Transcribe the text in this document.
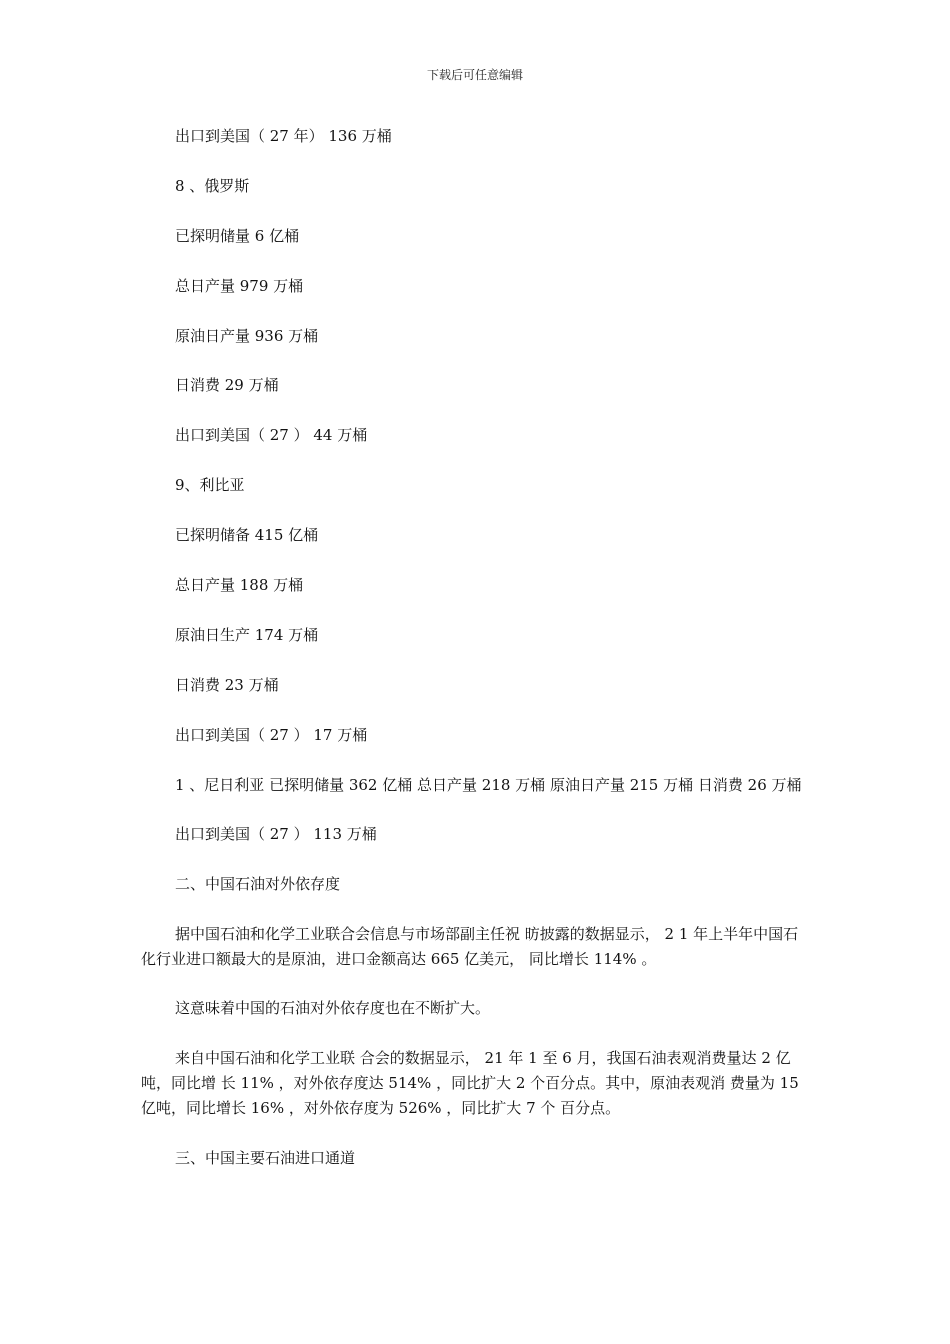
下载后可任意编辑

出口到美国（ 27 年） 136 万桶

8 、俄罗斯

已探明储量 6 亿桶

总日产量 979 万桶

原油日产量 936 万桶

日消费 29 万桶

出口到美国（ 27 ） 44 万桶

9、利比亚

已探明储备 415 亿桶

总日产量 188 万桶

原油日生产 174 万桶

日消费 23 万桶

出口到美国（ 27 ） 17 万桶

1 、尼日利亚 已探明储量 362 亿桶 总日产量 218 万桶 原油日产量 215 万桶 日消费 26 万桶

出口到美国（ 27 ） 113 万桶

二、中国石油对外依存度

据中国石油和化学工业联合会信息与市场部副主任祝 昉披露的数据显示， 2 1 年上半年中国石化行业进口额最大的是原油，进口金额高达 665 亿美元， 同比增长 114% 。

这意味着中国的石油对外依存度也在不断扩大。

来自中国石油和化学工业联 合会的数据显示， 21 年 1 至 6 月，我国石油表观消费量达 2 亿吨，同比增 长 11% ，对外依存度达 514% ，同比扩大 2 个百分点。其中，原油表观消 费量为 15 亿吨，同比增长 16% ，对外依存度为 526% ，同比扩大 7 个 百分点。

三、中国主要石油进口通道
